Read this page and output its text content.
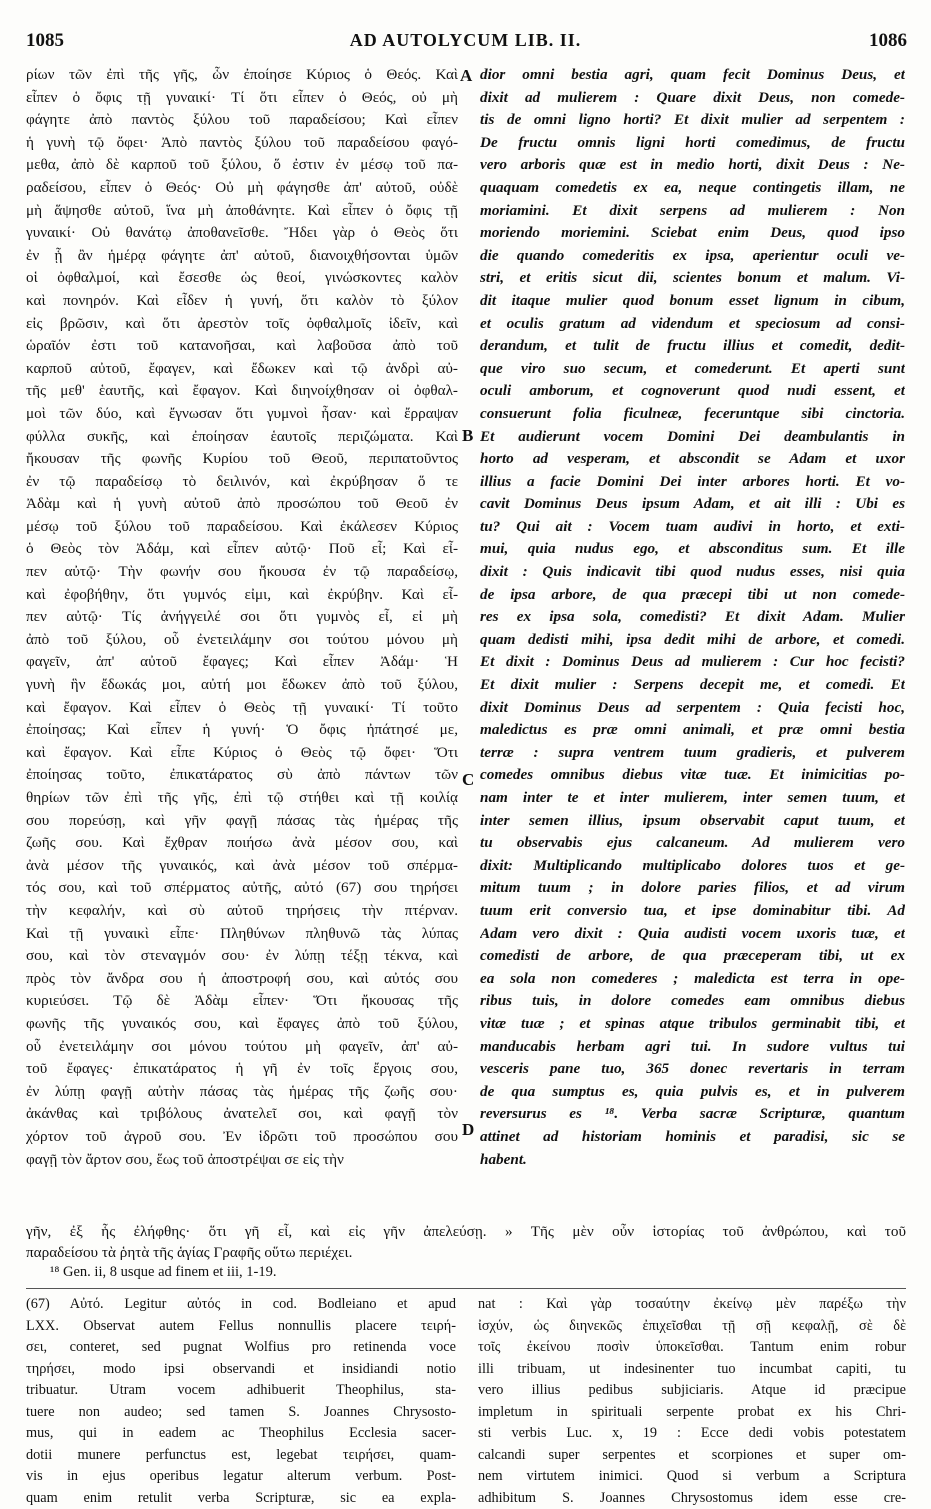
1085	AD AUTOLYCUM LIB. II.	1086
ρίων τῶν ἐπὶ τῆς γῆς, ὧν ἐποίησε Κύριος ὁ Θεός. Καὶ
εἶπεν ὁ ὄφις τῇ γυναικί· Τί ὅτι εἶπεν ὁ Θεός, οὐ μὴ
φάγητε ἀπὸ παντὸς ξύλου τοῦ παραδείσου; Καὶ εἶπεν
ἡ γυνὴ τῷ ὄφει· Ἀπὸ παντὸς ξύλου τοῦ παραδείσου φαγό-
μεθα, ἀπὸ δὲ καρποῦ τοῦ ξύλου, ὅ ἐστιν ἐν μέσῳ τοῦ πα-
ραδείσου, εἶπεν ὁ Θεός· Οὐ μὴ φάγησθε ἀπ' αὐτοῦ, οὐδὲ
μὴ ἅψησθε αὐτοῦ, ἵνα μὴ ἀποθάνητε. Καὶ εἶπεν ὁ ὄφις τῇ
γυναικί· Οὐ θανάτῳ ἀποθανεῖσθε. Ἤδει γὰρ ὁ Θεὸς ὅτι
ἐν ᾗ ἂν ἡμέρᾳ φάγητε ἀπ' αὐτοῦ, διανοιχθήσονται ὑμῶν
οἱ ὀφθαλμοί, καὶ ἔσεσθε ὡς θεοί, γινώσκοντες καλὸν
καὶ πονηρόν. Καὶ εἶδεν ἡ γυνή, ὅτι καλὸν τὸ ξύλον
εἰς βρῶσιν, καὶ ὅτι ἀρεστὸν τοῖς ὀφθαλμοῖς ἰδεῖν, καὶ
ὡραῖόν ἐστι τοῦ κατανοῆσαι, καὶ λαβοῦσα ἀπὸ τοῦ
καρποῦ αὐτοῦ, ἔφαγεν, καὶ ἔδωκεν καὶ τῷ ἀνδρὶ αὐ-
τῆς μεθ' ἑαυτῆς, καὶ ἔφαγον. Καὶ διηνοίχθησαν οἱ ὀφθαλ-
μοὶ τῶν δύο, καὶ ἔγνωσαν ὅτι γυμνοὶ ἦσαν· καὶ ἔρραψαν
φύλλα συκῆς, καὶ ἐποίησαν ἑαυτοῖς περιζώματα. Καὶ
ἤκουσαν τῆς φωνῆς Κυρίου τοῦ Θεοῦ, περιπατοῦντος
ἐν τῷ παραδείσῳ τὸ δειλινόν, καὶ ἐκρύβησαν ὅ τε
Ἀδὰμ καὶ ἡ γυνὴ αὐτοῦ ἀπὸ προσώπου τοῦ Θεοῦ ἐν
μέσῳ τοῦ ξύλου τοῦ παραδείσου. Καὶ ἐκάλεσεν Κύριος
ὁ Θεὸς τὸν Ἀδάμ, καὶ εἶπεν αὐτῷ· Ποῦ εἶ; Καὶ εἶ-
πεν αὐτῷ· Τὴν φωνήν σου ἤκουσα ἐν τῷ παραδείσῳ,
καὶ ἐφοβήθην, ὅτι γυμνός εἰμι, καὶ ἐκρύβην. Καὶ εἶ-
πεν αὐτῷ· Τίς ἀνήγγειλέ σοι ὅτι γυμνὸς εἶ, εἰ μὴ
ἀπὸ τοῦ ξύλου, οὗ ἐνετειλάμην σοι τούτου μόνου μὴ
φαγεῖν, ἀπ' αὐτοῦ ἔφαγες; Καὶ εἶπεν Ἀδάμ· Ἡ
γυνὴ ἣν ἔδωκάς μοι, αὐτή μοι ἔδωκεν ἀπὸ τοῦ ξύλου,
καὶ ἔφαγον. Καὶ εἶπεν ὁ Θεὸς τῇ γυναικί· Τί τοῦτο
ἐποίησας; Καὶ εἶπεν ἡ γυνή· Ὁ ὄφις ἠπάτησέ με,
καὶ ἔφαγον. Καὶ εἶπε Κύριος ὁ Θεὸς τῷ ὄφει· Ὅτι
ἐποίησας τοῦτο, ἐπικατάρατος σὺ ἀπὸ πάντων τῶν
θηρίων τῶν ἐπὶ τῆς γῆς, ἐπὶ τῷ στήθει καὶ τῇ κοιλίᾳ
σου πορεύσῃ, καὶ γῆν φαγῇ πάσας τὰς ἡμέρας τῆς
ζωῆς σου. Καὶ ἔχθραν ποιήσω ἀνὰ μέσον σου, καὶ
ἀνὰ μέσον τῆς γυναικός, καὶ ἀνὰ μέσον τοῦ σπέρμα-
τός σου, καὶ τοῦ σπέρματος αὐτῆς, αὐτό (67) σου τηρήσει
τὴν κεφαλήν, καὶ σὺ αὐτοῦ τηρήσεις τὴν πτέρναν.
Καὶ τῇ γυναικὶ εἶπε· Πληθύνων πληθυνῶ τὰς λύπας
σου, καὶ τὸν στεναγμόν σου· ἐν λύπῃ τέξῃ τέκνα, καὶ
πρὸς τὸν ἄνδρα σου ἡ ἀποστροφή σου, καὶ αὐτός σου
κυριεύσει. Τῷ δὲ Ἀδὰμ εἶπεν· Ὅτι ἤκουσας τῆς
φωνῆς τῆς γυναικός σου, καὶ ἔφαγες ἀπὸ τοῦ ξύλου,
οὗ ἐνετειλάμην σοι μόνου τούτου μὴ φαγεῖν, ἀπ' αὐ-
τοῦ ἔφαγες· ἐπικατάρατος ἡ γῆ ἐν τοῖς ἔργοις σου,
ἐν λύπῃ φαγῇ αὐτὴν πάσας τὰς ἡμέρας τῆς ζωῆς σου·
ἀκάνθας καὶ τριβόλους ἀνατελεῖ σοι, καὶ φαγῇ τὸν
χόρτον τοῦ ἀγροῦ σου. Ἐν ἱδρῶτι τοῦ προσώπου σου
φαγῇ τὸν ἄρτον σου, ἕως τοῦ ἀποστρέψαι σε εἰς τὴν
dior omni bestia agri, quam fecit Dominus Deus, et
dixit ad mulierem : Quare dixit Deus, non comede-
tis de omni ligno horti? Et dixit mulier ad serpentem :
De fructu omnis ligni horti comedimus, de fructu
vero arboris quæ est in medio horti, dixit Deus : Ne-
quaquam comedetis ex ea, neque contingetis illam, ne
moriamini. Et dixit serpens ad mulierem : Non
moriendo moriemini. Sciebat enim Deus, quod ipso
die quando comederitis ex ipsa, aperientur oculi ve-
stri, et eritis sicut dii, scientes bonum et malum. Vi-
dit itaque mulier quod bonum esset lignum in cibum,
et oculis gratum ad videndum et speciosum ad consi-
derandum, et tulit de fructu illius et comedit, dedit-
que viro suo secum, et comederunt. Et aperti sunt
oculi amborum, et cognoverunt quod nudi essent, et
consuerunt folia ficulneæ, feceruntque sibi cinctoria.
Et audierunt vocem Domini Dei deambulantis in
horto ad vesperam, et abscondit se Adam et uxor
illius a facie Domini Dei inter arbores horti. Et vo-
cavit Dominus Deus ipsum Adam, et ait illi : Ubi es
tu? Qui ait : Vocem tuam audivi in horto, et exti-
mui, quia nudus ego, et absconditus sum. Et ille
dixit : Quis indicavit tibi quod nudus esses, nisi quia
de ipsa arbore, de qua præcepi tibi ut non comede-
res ex ipsa sola, comedisti? Et dixit Adam. Mulier
quam dedisti mihi, ipsa dedit mihi de arbore, et comedi.
Et dixit : Dominus Deus ad mulierem : Cur hoc fecisti?
Et dixit mulier : Serpens decepit me, et comedi. Et
dixit Dominus Deus ad serpentem : Quia fecisti hoc,
maledictus es præ omni animali, et præ omni bestia
terræ : supra ventrem tuum gradieris, et pulverem
comedes omnibus diebus vitæ tuæ. Et inimicitias po-
nam inter te et inter mulierem, inter semen tuum, et
inter semen illius, ipsum observabit caput tuum, et
tu observabis ejus calcaneum. Ad mulierem vero
dixit: Multiplicando multiplicabo dolores tuos et ge-
mitum tuum ; in dolore paries filios, et ad virum
tuum erit conversio tua, et ipse dominabitur tibi. Ad
Adam vero dixit : Quia audisti vocem uxoris tuæ, et
comedisti de arbore, de qua præceperam tibi, ut ex
ea sola non comederes ; maledicta est terra in ope-
ribus tuis, in dolore comedes eam omnibus diebus
vitæ tuæ ; et spinas atque tribulos germinabit tibi, et
manducabis herbam agri tui. In sudore vultus tui
vesceris pane tuo, 365 donec revertaris in terram
de qua sumptus es, quia pulvis es, et in pulverem
reversurus es ¹⁸. Verba sacræ Scripturæ, quantum
attinet ad historiam hominis et paradisi, sic se
habent.
A
B
C
D
γῆν, ἐξ ἧς ἐλήφθης· ὅτι γῆ εἶ, καὶ εἰς γῆν ἀπελεύσῃ. » Τῆς μὲν οὖν ἱστορίας τοῦ ἀνθρώπου, καὶ τοῦ
παραδείσου τὰ ῥητὰ τῆς ἁγίας Γραφῆς οὕτω περιέχει.
¹⁸ Gen. ii, 8 usque ad finem et iii, 1-19.
(67) Αὐτό. Legitur αὐτός in cod. Bodleiano et apud
LXX. Observat autem Fellus nonnullis placere τειρή-
σει, conteret, sed pugnat Wolfius pro retinenda voce
τηρήσει, modo ipsi observandi et insidiandi notio
tribuatur. Utram vocem adhibuerit Theophilus, sta-
tuere non audeo; sed tamen S. Joannes Chrysosto-
mus, qui in eadem ac Theophilus Ecclesia sacer-
dotii munere perfunctus est, legebat τειρήσει, quam-
vis in ejus operibus legatur alterum verbum. Post-
quam enim retulit verba Scripturæ, sic ea expla-
nat : Καὶ γὰρ τοσαύτην ἐκείνῳ μὲν παρέξω τὴν
ἰσχύν, ὡς διηνεκῶς ἐπιχεῖσθαι τῇ σῇ κεφαλῇ, σὲ δὲ
τοῖς ἐκείνου ποσὶν ὑποκεῖσθαι. Tantum enim robur
illi tribuam, ut indesinenter tuo incumbat capiti, tu
vero illius pedibus subjiciaris. Atque id præcipue
impletum in spirituali serpente probat ex his Chri-
sti verbis Luc. x, 19 : Ecce dedi vobis potestatem
calcandi super serpentes et scorpiones et super om-
nem virtutem inimici. Quod si verbum a Scriptura
adhibitum S. Joannes Chrysostomus idem esse cre-
